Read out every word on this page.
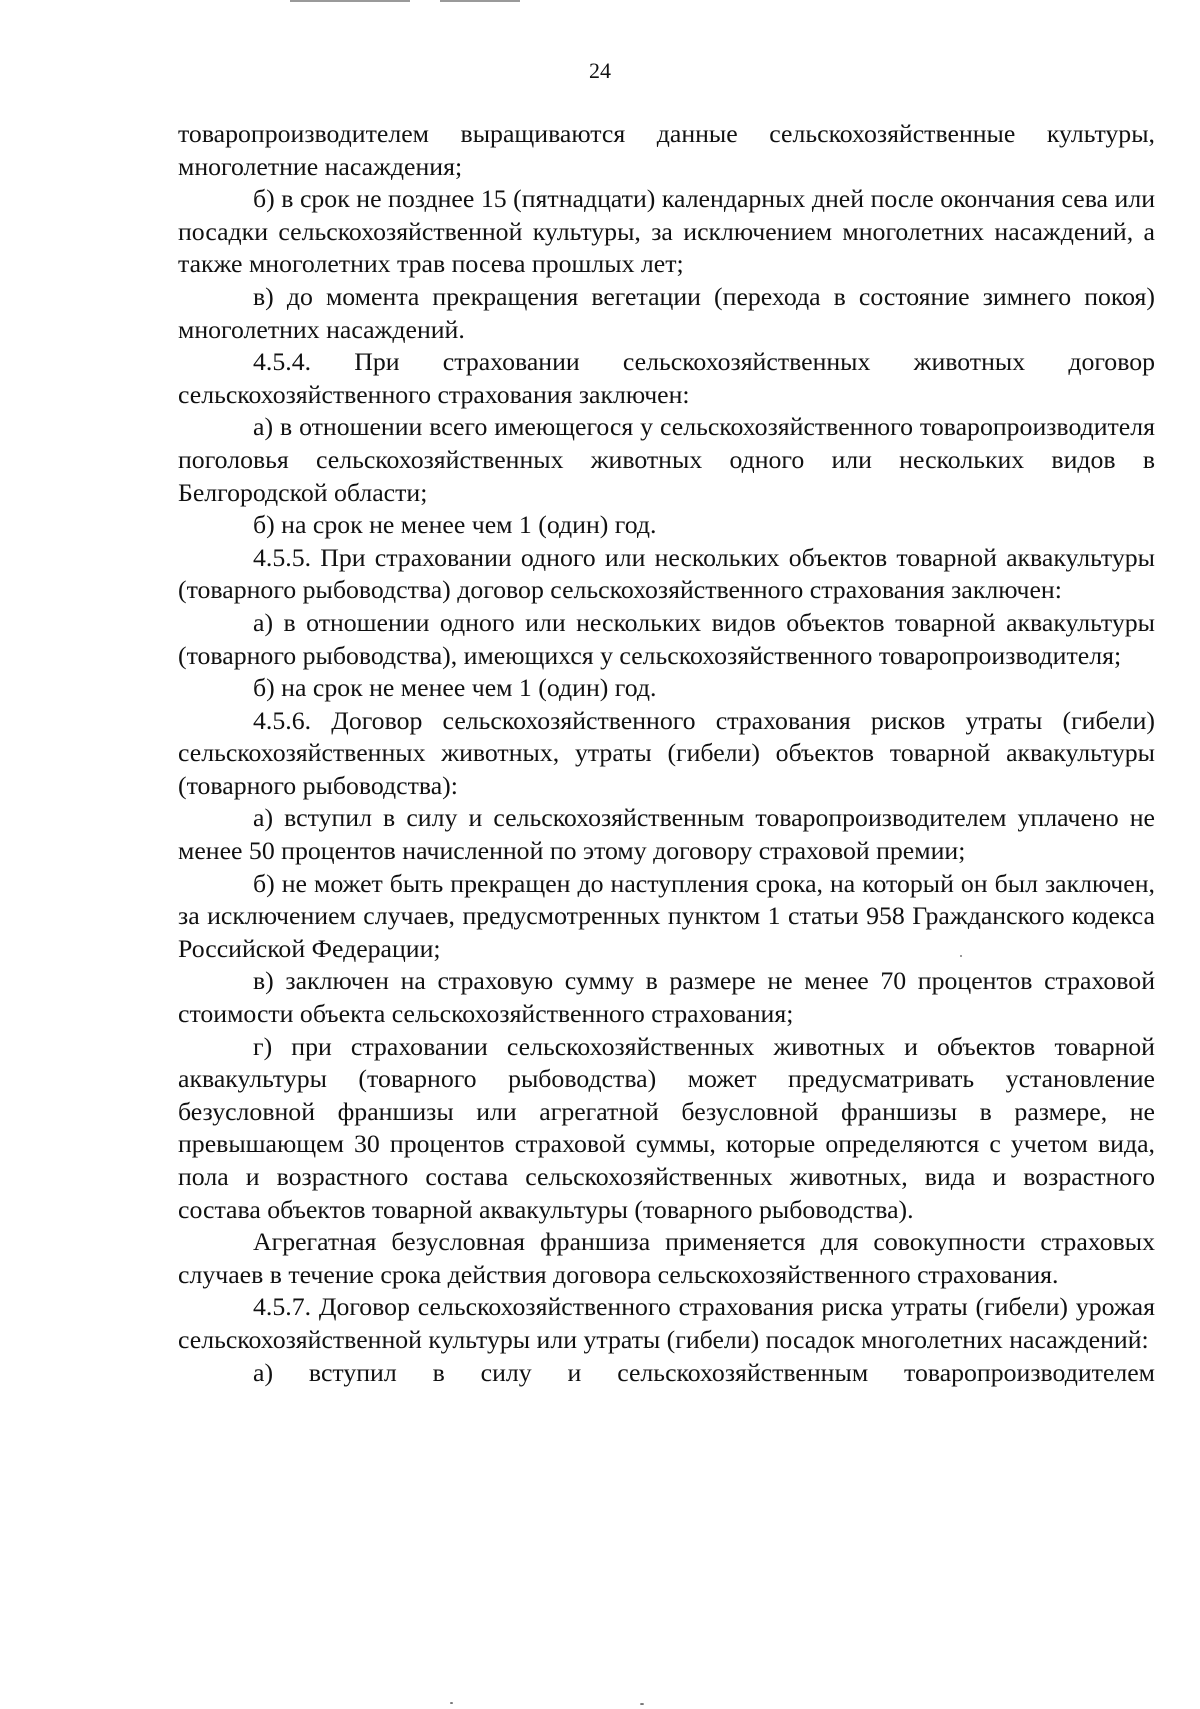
24

товаропроизводителем выращиваются данные сельскохозяйственные культуры, многолетние насаждения;

б) в срок не позднее 15 (пятнадцати) календарных дней после окончания сева или посадки сельскохозяйственной культуры, за исключением многолетних насаждений, а также многолетних трав посева прошлых лет;

в) до момента прекращения вегетации (перехода в состояние зимнего покоя) многолетних насаждений.

4.5.4. При страховании сельскохозяйственных животных договор сельскохозяйственного страхования заключен:

а) в отношении всего имеющегося у сельскохозяйственного товаропроизводителя поголовья сельскохозяйственных животных одного или нескольких видов в Белгородской области;

б) на срок не менее чем 1 (один) год.

4.5.5. При страховании одного или нескольких объектов товарной аквакультуры (товарного рыбоводства) договор сельскохозяйственного страхования заключен:

а) в отношении одного или нескольких видов объектов товарной аквакультуры (товарного рыбоводства), имеющихся у сельскохозяйственного товаропроизводителя;

б) на срок не менее чем 1 (один) год.

4.5.6. Договор сельскохозяйственного страхования рисков утраты (гибели) сельскохозяйственных животных, утраты (гибели) объектов товарной аквакультуры (товарного рыбоводства):

а) вступил в силу и сельскохозяйственным товаропроизводителем уплачено не менее 50 процентов начисленной по этому договору страховой премии;

б) не может быть прекращен до наступления срока, на который он был заключен, за исключением случаев, предусмотренных пунктом 1 статьи 958 Гражданского кодекса Российской Федерации;

в) заключен на страховую сумму в размере не менее 70 процентов страховой стоимости объекта сельскохозяйственного страхования;

г) при страховании сельскохозяйственных животных и объектов товарной аквакультуры (товарного рыбоводства) может предусматривать установление безусловной франшизы или агрегатной безусловной франшизы в размере, не превышающем 30 процентов страховой суммы, которые определяются с учетом вида, пола и возрастного состава сельскохозяйственных животных, вида и возрастного состава объектов товарной аквакультуры (товарного рыбоводства).

Агрегатная безусловная франшиза применяется для совокупности страховых случаев в течение срока действия договора сельскохозяйственного страхования.

4.5.7. Договор сельскохозяйственного страхования риска утраты (гибели) урожая сельскохозяйственной культуры или утраты (гибели) посадок многолетних насаждений:

а) вступил в силу и сельскохозяйственным товаропроизводителем
